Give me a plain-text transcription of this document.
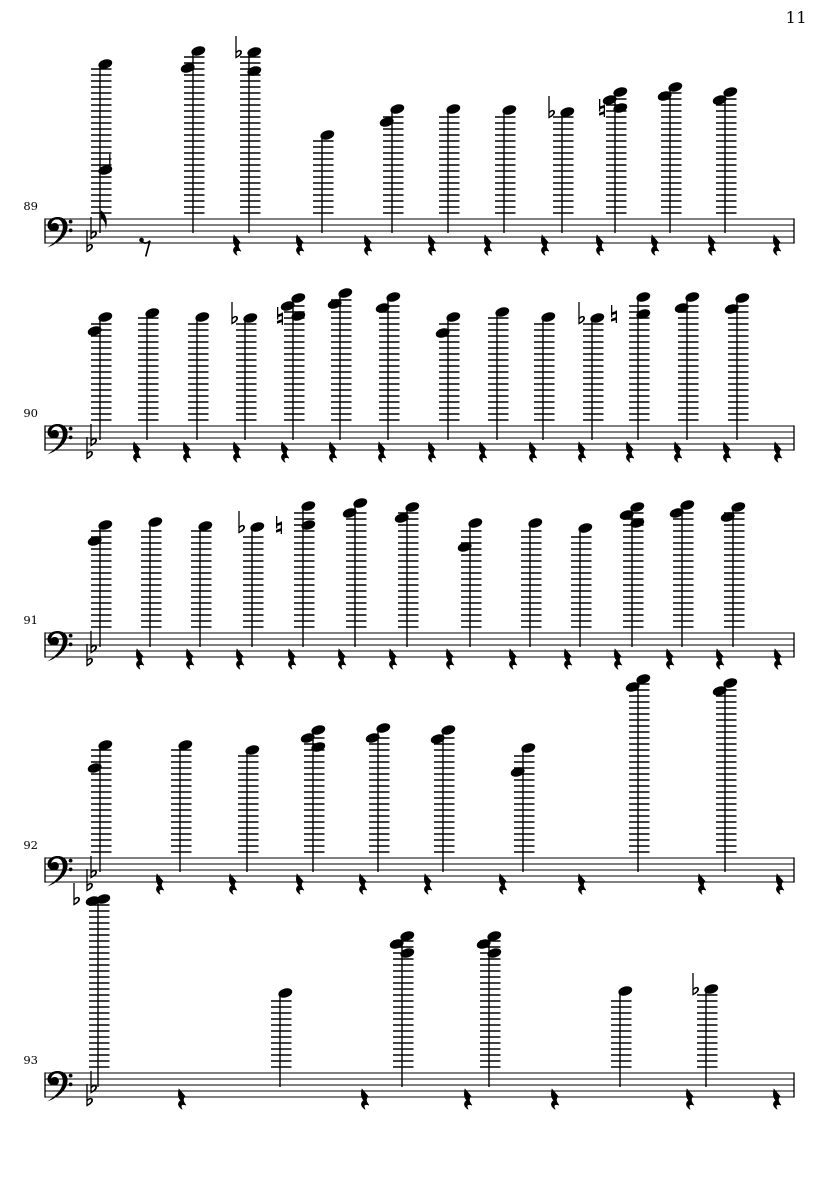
11
89
90
91
92
93
